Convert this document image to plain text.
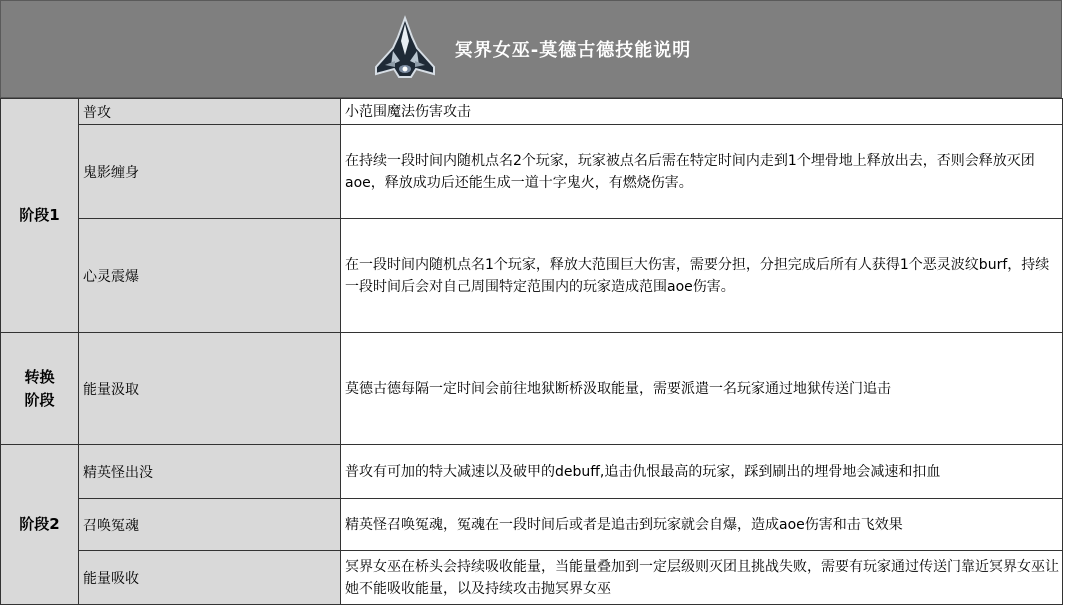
冥界女巫-莫德古德技能说明
阶段1	普攻	小范围魔法伤害攻击
	鬼影缠身	在持续一段时间内随机点名2个玩家，玩家被点名后需在特定时间内走到1个埋骨地上释放出去，否则会释放灭团aoe，释放成功后还能生成一道十字鬼火，有燃烧伤害。
	心灵震爆	在一段时间内随机点名1个玩家，释放大范围巨大伤害，需要分担，分担完成后所有人获得1个恶灵波纹burf，持续一段时间后会对自己周围特定范围内的玩家造成范围aoe伤害。

转换阶段	能量汲取	莫德古德每隔一定时间会前往地狱断桥汲取能量，需要派遣一名玩家通过地狱传送门追击
阶段2	精英怪出没	普攻有可加的特大减速以及破甲的debuff,追击仇恨最高的玩家，踩到刷出的埋骨地会减速和扣血
	召唤冤魂	精英怪召唤冤魂，冤魂在一段时间后或者是追击到玩家就会自爆，造成aoe伤害和击飞效果
	能量吸收	冥界女巫在桥头会持续吸收能量，当能量叠加到一定层级则灭团且挑战失败，需要有玩家通过传送门靠近冥界女巫让她不能吸收能量，以及持续攻击抛冥界女巫
